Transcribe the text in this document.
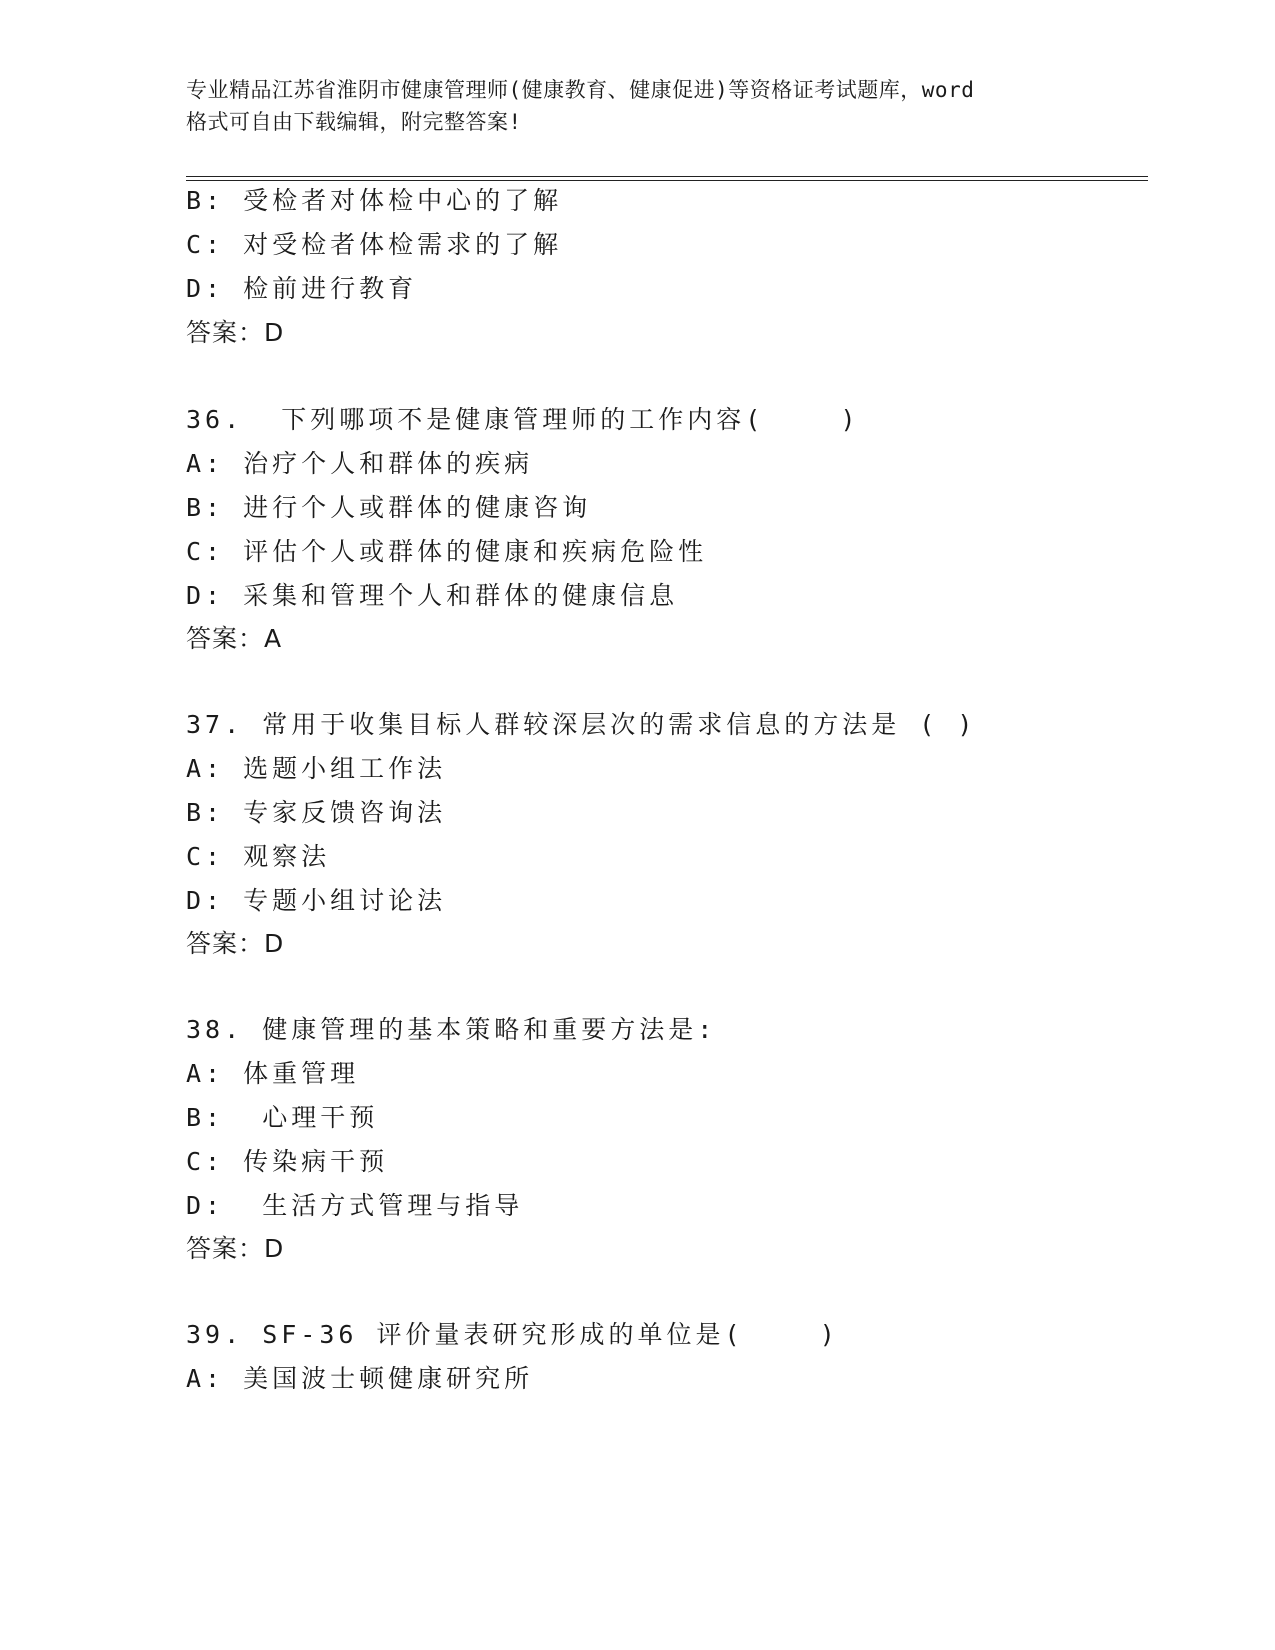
专业精品江苏省淮阴市健康管理师(健康教育、健康促进)等资格证考试题库，word
格式可自由下载编辑，附完整答案!
B: 受检者对体检中心的了解
C: 对受检者体检需求的了解
D: 检前进行教育
答案：D
36.  下列哪项不是健康管理师的工作内容(    )
A: 治疗个人和群体的疾病
B: 进行个人或群体的健康咨询
C: 评估个人或群体的健康和疾病危险性
D: 采集和管理个人和群体的健康信息
答案：A
37. 常用于收集目标人群较深层次的需求信息的方法是 ( )
A: 选题小组工作法
B: 专家反馈咨询法
C: 观察法
D: 专题小组讨论法
答案：D
38. 健康管理的基本策略和重要方法是:
A: 体重管理
B:  心理干预
C: 传染病干预
D:  生活方式管理与指导
答案：D
39. SF-36 评价量表研究形成的单位是(    )
A: 美国波士顿健康研究所
